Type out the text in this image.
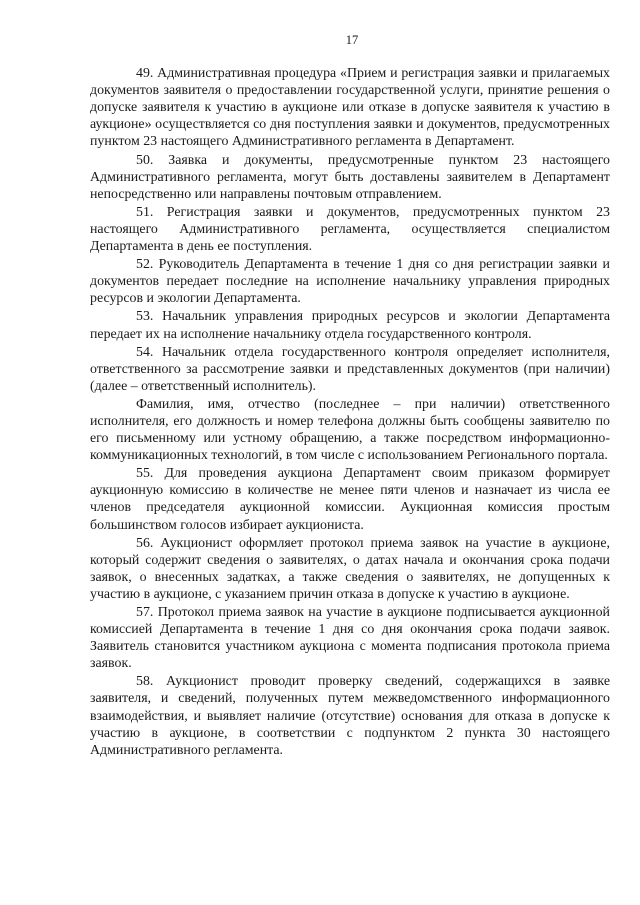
17

49. Административная процедура «Прием и регистрация заявки и прилагаемых документов заявителя о предоставлении государственной услуги, принятие решения о допуске заявителя к участию в аукционе или отказе в допуске заявителя к участию в аукционе» осуществляется со дня поступления заявки и документов, предусмотренных пунктом 23 настоящего Административного регламента в Департамент.

50. Заявка и документы, предусмотренные пунктом 23 настоящего Административного регламента, могут быть доставлены заявителем в Департамент непосредственно или направлены почтовым отправлением.

51. Регистрация заявки и документов, предусмотренных пунктом 23 настоящего Административного регламента, осуществляется специалистом Департамента в день ее поступления.

52. Руководитель Департамента в течение 1 дня со дня регистрации заявки и документов передает последние на исполнение начальнику управления природных ресурсов и экологии Департамента.

53. Начальник управления природных ресурсов и экологии Департамента передает их на исполнение начальнику отдела государственного контроля.

54. Начальник отдела государственного контроля определяет исполнителя, ответственного за рассмотрение заявки и представленных документов (при наличии) (далее – ответственный исполнитель).

Фамилия, имя, отчество (последнее – при наличии) ответственного исполнителя, его должность и номер телефона должны быть сообщены заявителю по его письменному или устному обращению, а также посредством информационно-коммуникационных технологий, в том числе с использованием Регионального портала.

55. Для проведения аукциона Департамент своим приказом формирует аукционную комиссию в количестве не менее пяти членов и назначает из числа ее членов председателя аукционной комиссии. Аукционная комиссия простым большинством голосов избирает аукциониста.

56. Аукционист оформляет протокол приема заявок на участие в аукционе, который содержит сведения о заявителях, о датах начала и окончания срока подачи заявок, о внесенных задатках, а также сведения о заявителях, не допущенных к участию в аукционе, с указанием причин отказа в допуске к участию в аукционе.

57. Протокол приема заявок на участие в аукционе подписывается аукционной комиссией Департамента в течение 1 дня со дня окончания срока подачи заявок. Заявитель становится участником аукциона с момента подписания протокола приема заявок.

58. Аукционист проводит проверку сведений, содержащихся в заявке заявителя, и сведений, полученных путем межведомственного информационного взаимодействия, и выявляет наличие (отсутствие) основания для отказа в допуске к участию в аукционе, в соответствии с подпунктом 2 пункта 30 настоящего Административного регламента.
